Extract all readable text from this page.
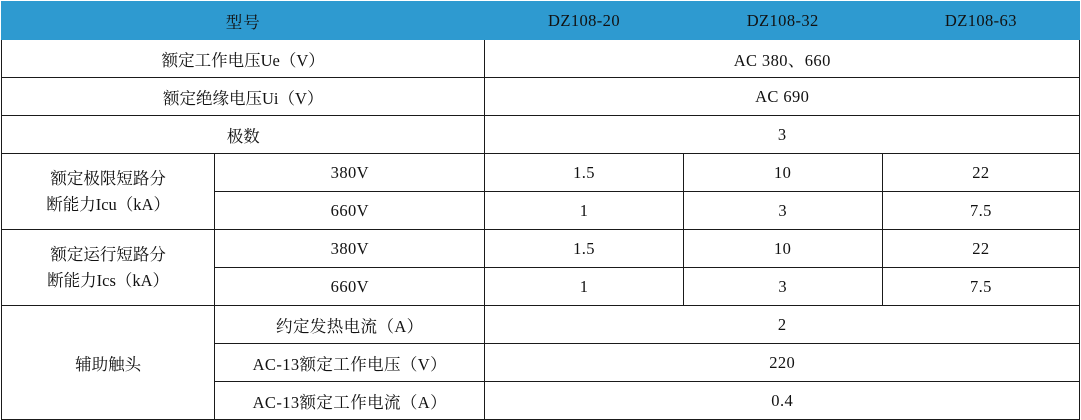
型号		DZ108-20	DZ108-32	DZ108-63
额定工作电压Ue（V）		AC 380、660		
额定绝缘电压Ui（V）		AC 690		
极数		3		

额定极限短路分
断能力Icu（kA）	380V	1.5	10	22
	660V	1	3	7.5

额定运行短路分
断能力Ics（kA）	380V	1.5	10	22
	660V	1	3	7.5
辅助触头	约定发热电流（A）	2		
	AC-13额定工作电压（V）	220		
	AC-13额定工作电流（A）	0.4		
